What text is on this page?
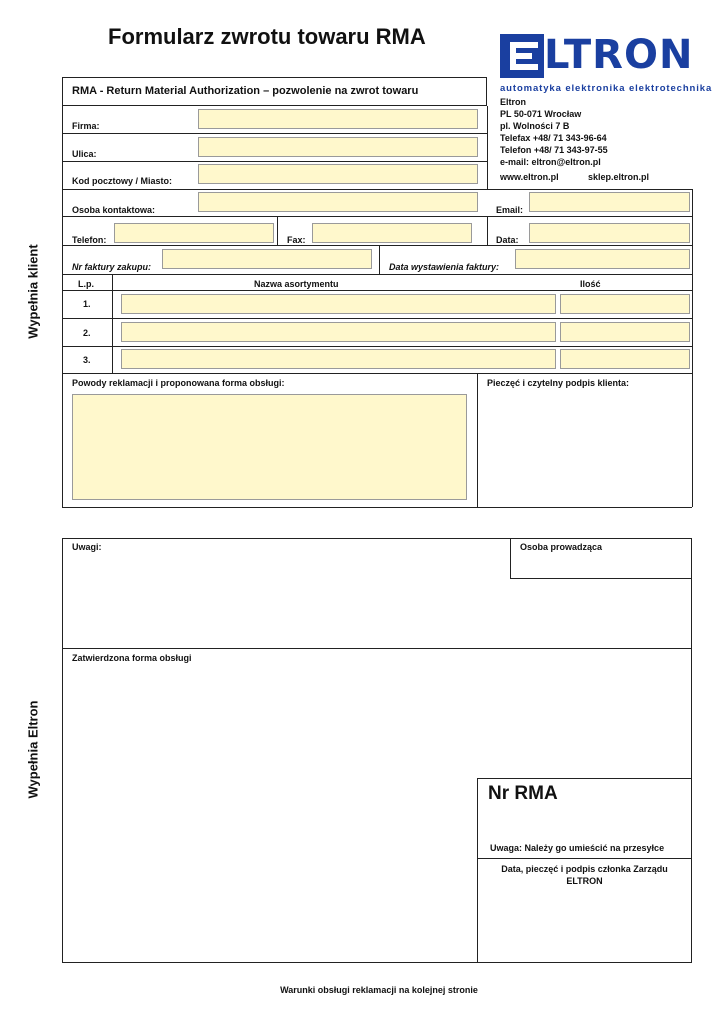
Formularz zwrotu towaru RMA	LTRON
automatyka elektronika elektrotechnika
Wypełnia klient
Wypełnia Eltron
RMA - Return Material Authorization – pozwolenie na zwrot towaru
Eltron
PL 50-071 Wrocław
pl. Wolności 7 B
Telefax +48/ 71 343-96-64
Telefon +48/ 71 343-97-55
e-mail: eltron@eltron.pl
www.eltron.pl	sklep.eltron.pl
Firma:
Ulica:
Kod pocztowy / Miasto:
Osoba kontaktowa:	Email:
Telefon:	Fax:	Data:
Nr faktury zakupu:	Data wystawienia faktury:
L.p.	Nazwa asortymentu	Ilość
1.
2.
3.
Powody reklamacji i proponowana forma obsługi:	Pieczęć i czytelny podpis klienta:
Uwagi:	Osoba prowadząca
Zatwierdzona forma obsługi
Nr RMA
Uwaga: Należy go umieścić na przesyłce
Data, pieczęć i podpis członka Zarządu
ELTRON
Warunki obsługi reklamacji na kolejnej stronie
